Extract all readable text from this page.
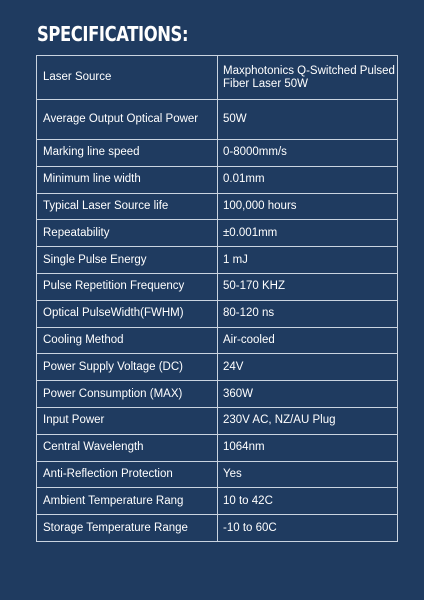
SPECIFICATIONS:
Laser Source	Maxphotonics Q-Switched Pulsed Fiber Laser 50W
Average Output Optical Power	50W
Marking line speed	0-8000mm/s
Minimum line width	0.01mm
Typical Laser Source life	100,000 hours
Repeatability	±0.001mm
Single Pulse Energy	1 mJ
Pulse Repetition Frequency	50-170 KHZ
Optical PulseWidth(FWHM)	80-120 ns
Cooling Method	Air-cooled
Power Supply Voltage (DC)	24V
Power Consumption (MAX)	360W
Input Power	230V AC, NZ/AU Plug
Central Wavelength	1064nm
Anti-Reflection Protection	Yes
Ambient Temperature Rang	10 to 42C
Storage Temperature Range	-10 to 60C
